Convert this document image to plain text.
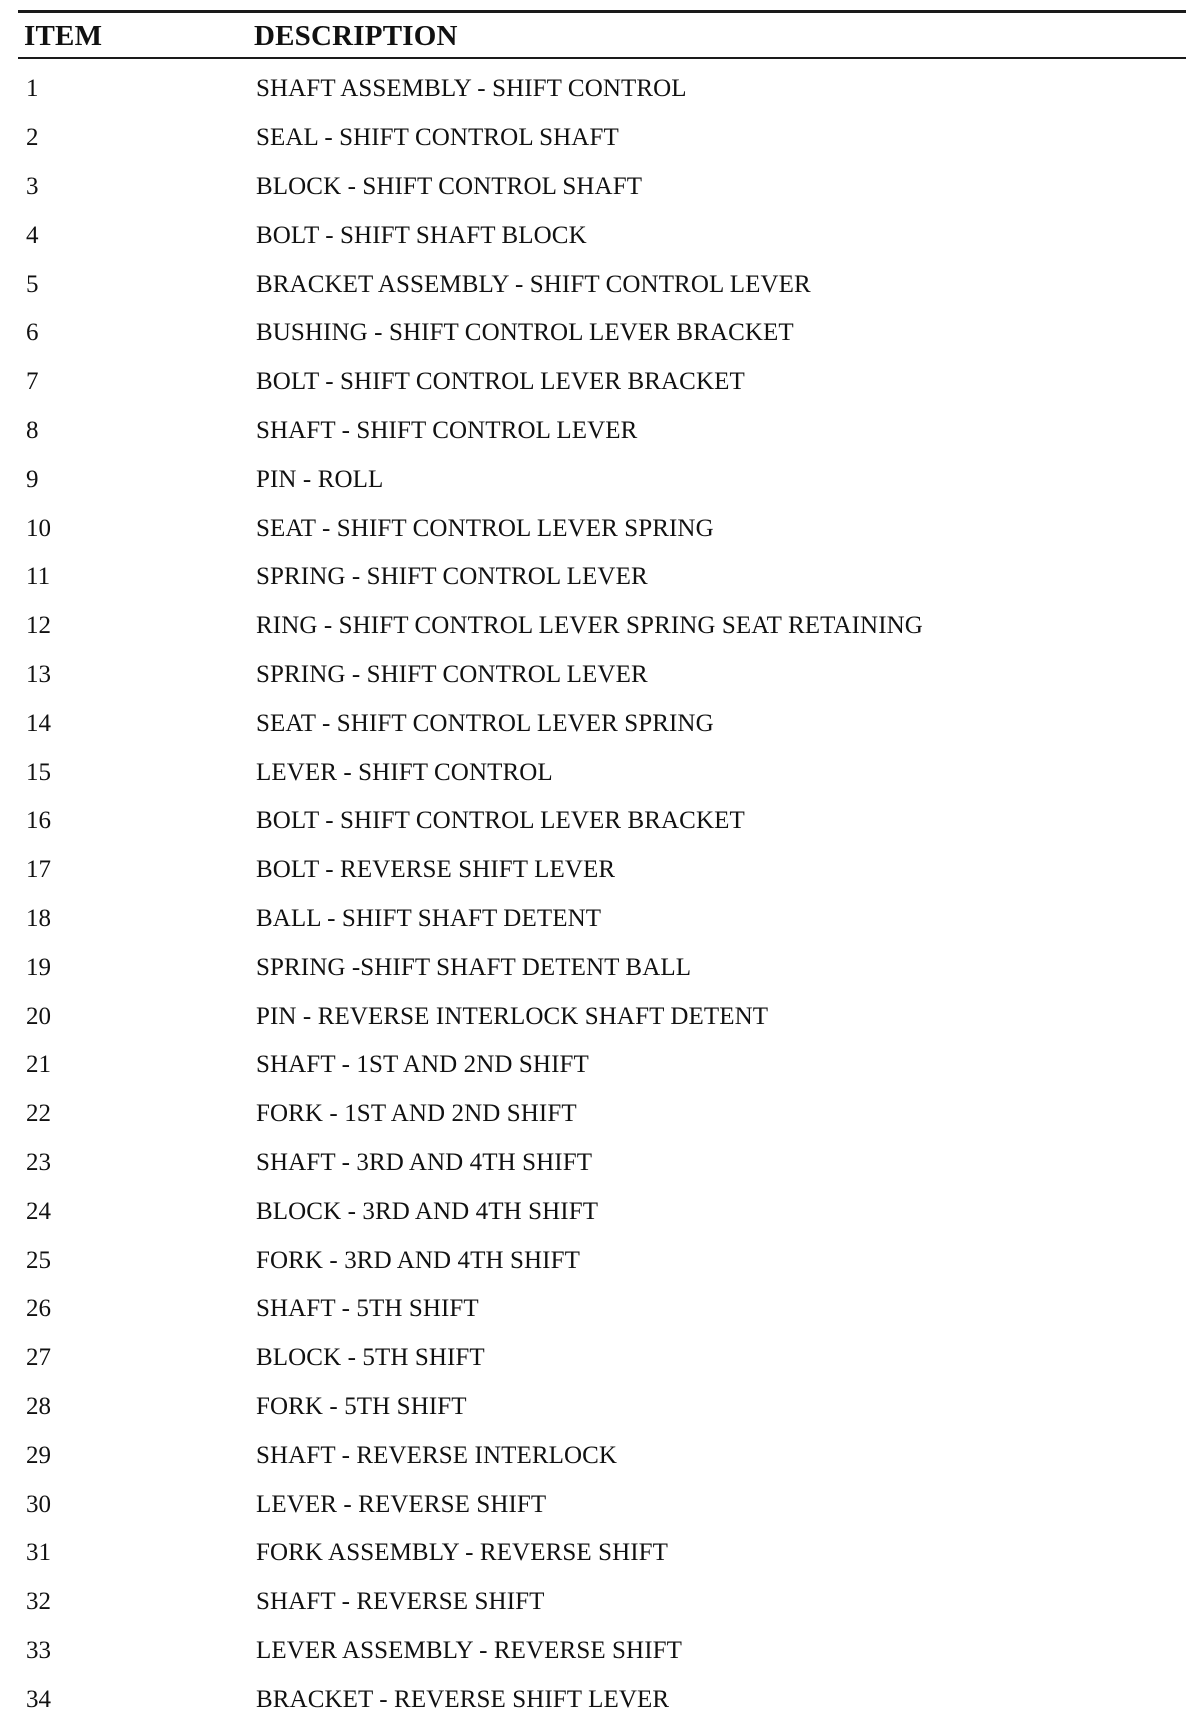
ITEM	DESCRIPTION
1	SHAFT ASSEMBLY - SHIFT CONTROL
2	SEAL - SHIFT CONTROL SHAFT
3	BLOCK - SHIFT CONTROL SHAFT
4	BOLT - SHIFT SHAFT BLOCK
5	BRACKET ASSEMBLY - SHIFT CONTROL LEVER
6	BUSHING - SHIFT CONTROL LEVER BRACKET
7	BOLT - SHIFT CONTROL LEVER BRACKET
8	SHAFT - SHIFT CONTROL LEVER
9	PIN - ROLL
10	SEAT - SHIFT CONTROL LEVER SPRING
11	SPRING - SHIFT CONTROL LEVER
12	RING - SHIFT CONTROL LEVER SPRING SEAT RETAINING
13	SPRING - SHIFT CONTROL LEVER
14	SEAT - SHIFT CONTROL LEVER SPRING
15	LEVER - SHIFT CONTROL
16	BOLT - SHIFT CONTROL LEVER BRACKET
17	BOLT - REVERSE SHIFT LEVER
18	BALL - SHIFT SHAFT DETENT
19	SPRING -SHIFT SHAFT DETENT BALL
20	PIN - REVERSE INTERLOCK SHAFT DETENT
21	SHAFT - 1ST AND 2ND SHIFT
22	FORK - 1ST AND 2ND SHIFT
23	SHAFT - 3RD AND 4TH SHIFT
24	BLOCK - 3RD AND 4TH SHIFT
25	FORK - 3RD AND 4TH SHIFT
26	SHAFT - 5TH SHIFT
27	BLOCK - 5TH SHIFT
28	FORK - 5TH SHIFT
29	SHAFT - REVERSE INTERLOCK
30	LEVER - REVERSE SHIFT
31	FORK ASSEMBLY - REVERSE SHIFT
32	SHAFT - REVERSE SHIFT
33	LEVER ASSEMBLY - REVERSE SHIFT
34	BRACKET - REVERSE SHIFT LEVER
